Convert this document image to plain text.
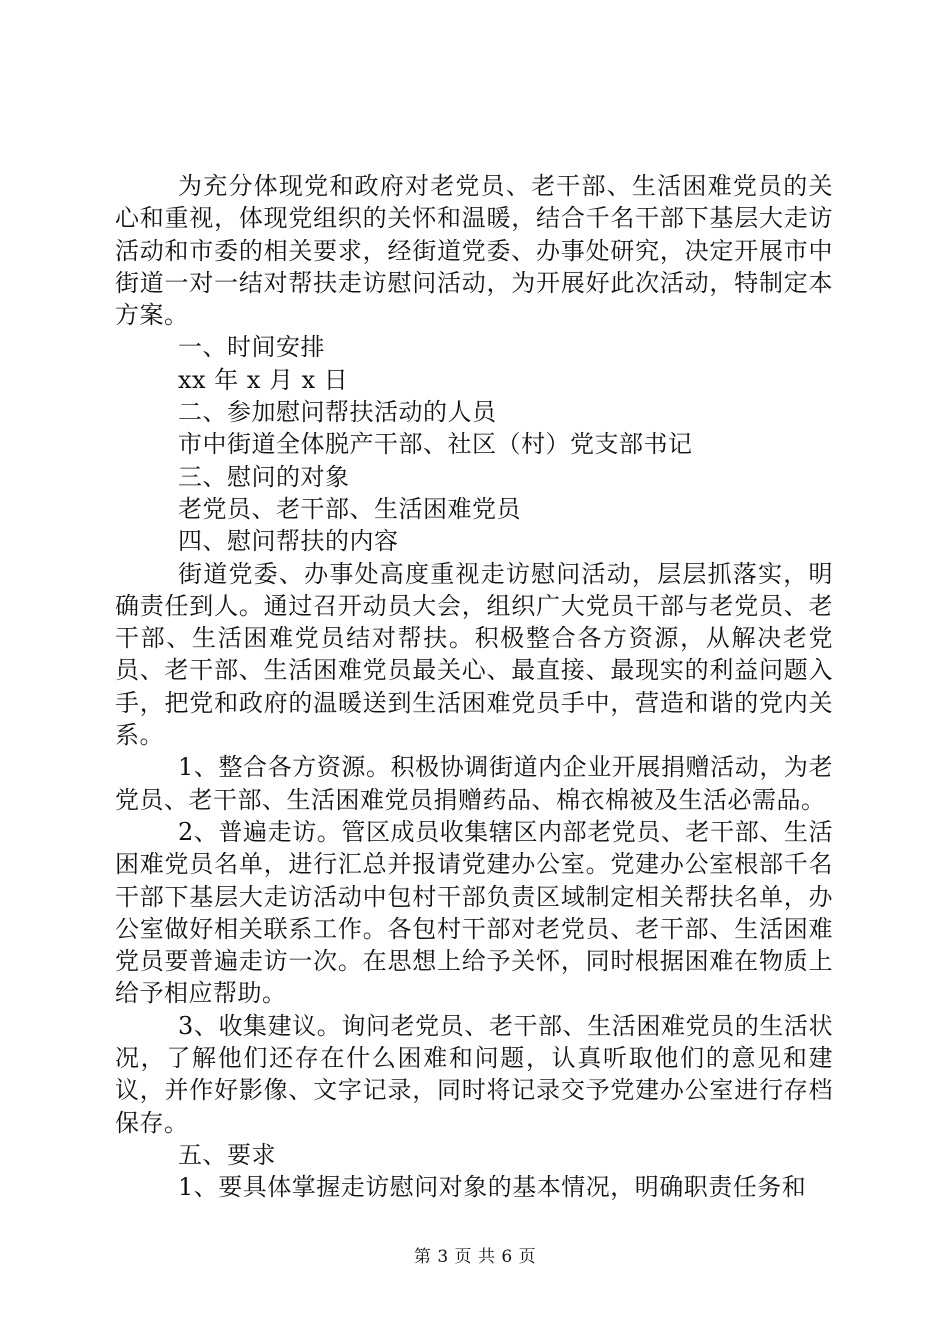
为充分体现党和政府对老党员、老干部、生活困难党员的关心和重视，体现党组织的关怀和温暖，结合千名干部下基层大走访活动和市委的相关要求，经街道党委、办事处研究，决定开展市中街道一对一结对帮扶走访慰问活动，为开展好此次活动，特制定本方案。

一、时间安排

xx 年 x 月 x 日

二、参加慰问帮扶活动的人员

市中街道全体脱产干部、社区（村）党支部书记

三、慰问的对象

老党员、老干部、生活困难党员

四、慰问帮扶的内容

街道党委、办事处高度重视走访慰问活动，层层抓落实，明确责任到人。通过召开动员大会，组织广大党员干部与老党员、老干部、生活困难党员结对帮扶。积极整合各方资源，从解决老党员、老干部、生活困难党员最关心、最直接、最现实的利益问题入手，把党和政府的温暖送到生活困难党员手中，营造和谐的党内关系。

1、整合各方资源。积极协调街道内企业开展捐赠活动，为老党员、老干部、生活困难党员捐赠药品、棉衣棉被及生活必需品。

2、普遍走访。管区成员收集辖区内部老党员、老干部、生活困难党员名单，进行汇总并报请党建办公室。党建办公室根部千名干部下基层大走访活动中包村干部负责区域制定相关帮扶名单，办公室做好相关联系工作。各包村干部对老党员、老干部、生活困难党员要普遍走访一次。在思想上给予关怀，同时根据困难在物质上给予相应帮助。

3、收集建议。询问老党员、老干部、生活困难党员的生活状况，了解他们还存在什么困难和问题，认真听取他们的意见和建议，并作好影像、文字记录，同时将记录交予党建办公室进行存档保存。

五、要求

1、要具体掌握走访慰问对象的基本情况，明确职责任务和

第 3 页 共 6 页
